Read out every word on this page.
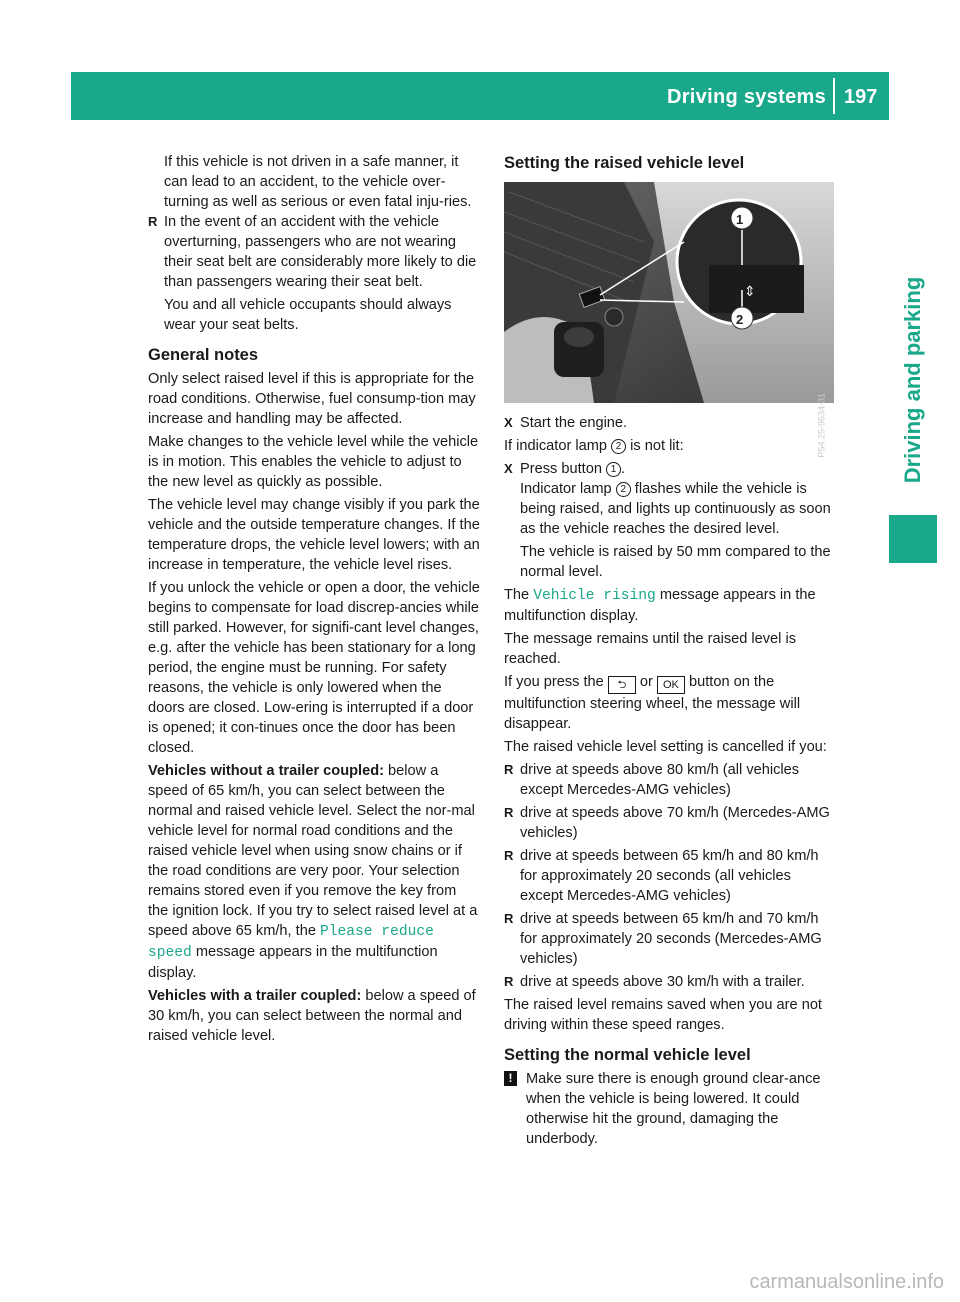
Driving systems 197
Driving and parking

If this vehicle is not driven in a safe manner, it can lead to an accident, to the vehicle over-turning as well as serious or even fatal inju-ries.

R In the event of an accident with the vehicle overturning, passengers who are not wearing their seat belt are considerably more likely to die than passengers wearing their seat belt.

You and all vehicle occupants should always wear your seat belts.

General notes

Only select raised level if this is appropriate for the road conditions. Otherwise, fuel consump-tion may increase and handling may be affected.

Make changes to the vehicle level while the vehicle is in motion. This enables the vehicle to adjust to the new level as quickly as possible.

The vehicle level may change visibly if you park the vehicle and the outside temperature changes. If the temperature drops, the vehicle level lowers; with an increase in temperature, the vehicle level rises.

If you unlock the vehicle or open a door, the vehicle begins to compensate for load discrep-ancies while still parked. However, for signifi-cant level changes, e.g. after the vehicle has been stationary for a long period, the engine must be running. For safety reasons, the vehicle is only lowered when the doors are closed. Low-ering is interrupted if a door is opened; it con-tinues once the door has been closed.

Vehicles without a trailer coupled: below a speed of 65 km/h, you can select between the normal and raised vehicle level. Select the nor-mal vehicle level for normal road conditions and the raised vehicle level when using snow chains or if the road conditions are very poor. Your selection remains stored even if you remove the key from the ignition lock. If you try to select raised level at a speed above 65 km/h, the Please reduce speed message appears in the multifunction display.

Vehicles with a trailer coupled: below a speed of 30 km/h, you can select between the normal and raised vehicle level.

Setting the raised vehicle level

⇕
1
2
P54.25-9634-31

X Start the engine.

If indicator lamp 2 is not lit:

X Press button 1 .
Indicator lamp 2 flashes while the vehicle is being raised, and lights up continuously as soon as the vehicle reaches the desired level.

The vehicle is raised by 50 mm compared to the normal level.

The Vehicle rising message appears in the multifunction display.

The message remains until the raised level is reached.

If you press the ⮌ or OK button on the multifunction steering wheel, the message will disappear.

The raised vehicle level setting is cancelled if you:

R drive at speeds above 80 km/h (all vehicles except Mercedes-AMG vehicles)

R drive at speeds above 70 km/h (Mercedes-AMG vehicles)

R drive at speeds between 65 km/h and 80 km/h for approximately 20 seconds (all vehicles except Mercedes-AMG vehicles)

R drive at speeds between 65 km/h and 70 km/h for approximately 20 seconds (Mercedes-AMG vehicles)

R drive at speeds above 30 km/h with a trailer.

The raised level remains saved when you are not driving within these speed ranges.

Setting the normal vehicle level

! Make sure there is enough ground clear-ance when the vehicle is being lowered. It could otherwise hit the ground, damaging the underbody.

carmanualsonline.info
